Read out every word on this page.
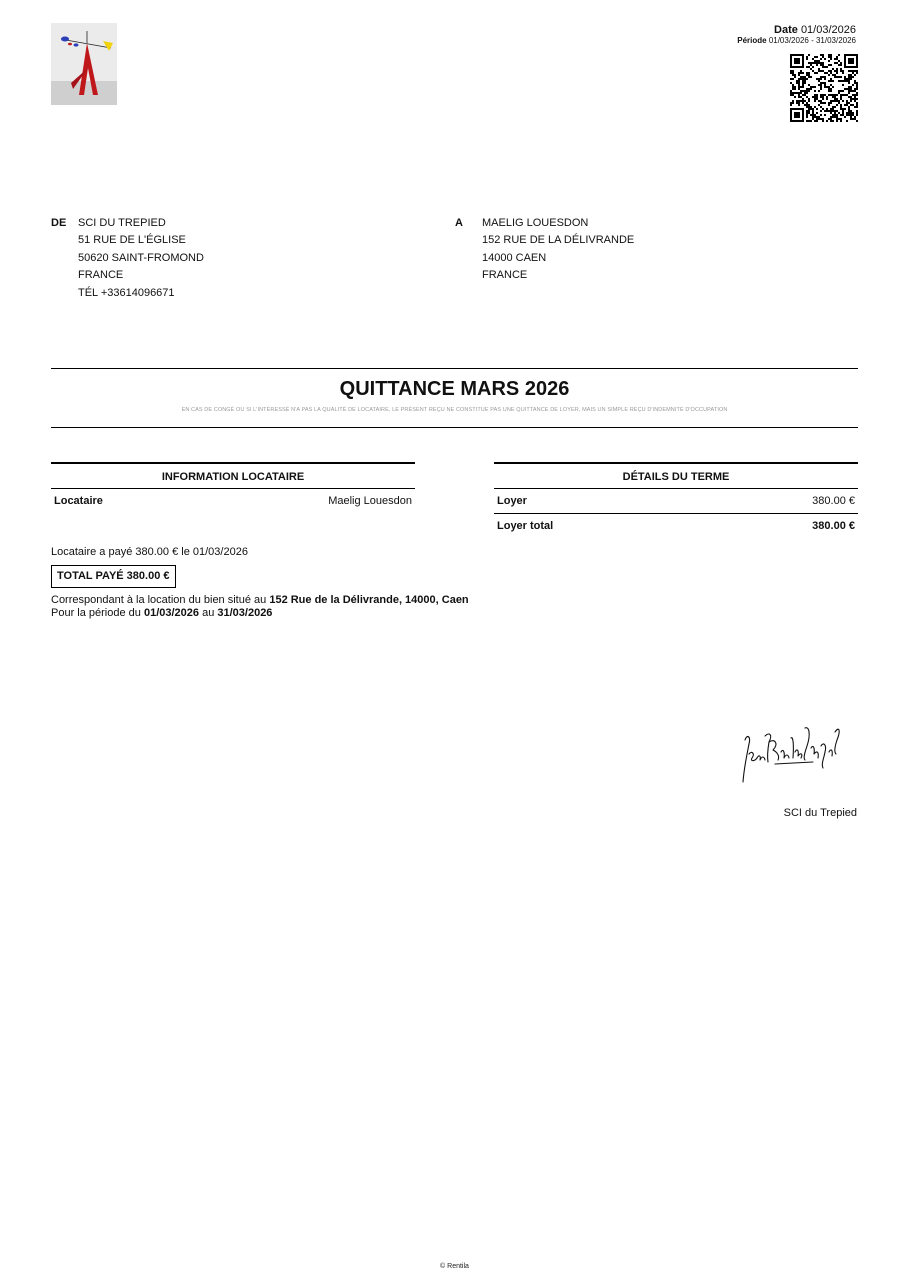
Date 01/03/2026
Période 01/03/2026 - 31/03/2026
DE SCI DU TREPIED
51 RUE DE L'ÉGLISE
50620 SAINT-FROMOND
FRANCE
TÉL +33614096671
A MAELIG LOUESDON
152 RUE DE LA DÉLIVRANDE
14000 CAEN
FRANCE
QUITTANCE MARS 2026
EN CAS DE CONGÉ OU SI L'INTÉRESSÉ N'A PAS LA QUALITÉ DE LOCATAIRE, LE PRÉSENT REÇU NE CONSTITUE PAS UNE QUITTANCE DE LOYER, MAIS UN SIMPLE REÇU D'INDEMNITÉ D'OCCUPATION
INFORMATION LOCATAIRE
Locataire	Maelig Louesdon
DÉTAILS DU TERME
Loyer	380.00 €
Loyer total	380.00 €
Locataire a payé 380.00 € le 01/03/2026
TOTAL PAYÉ 380.00 €
Correspondant à la location du bien situé au 152 Rue de la Délivrande, 14000, Caen
Pour la période du 01/03/2026 au 31/03/2026
SCI du Trepied
© Rentila
